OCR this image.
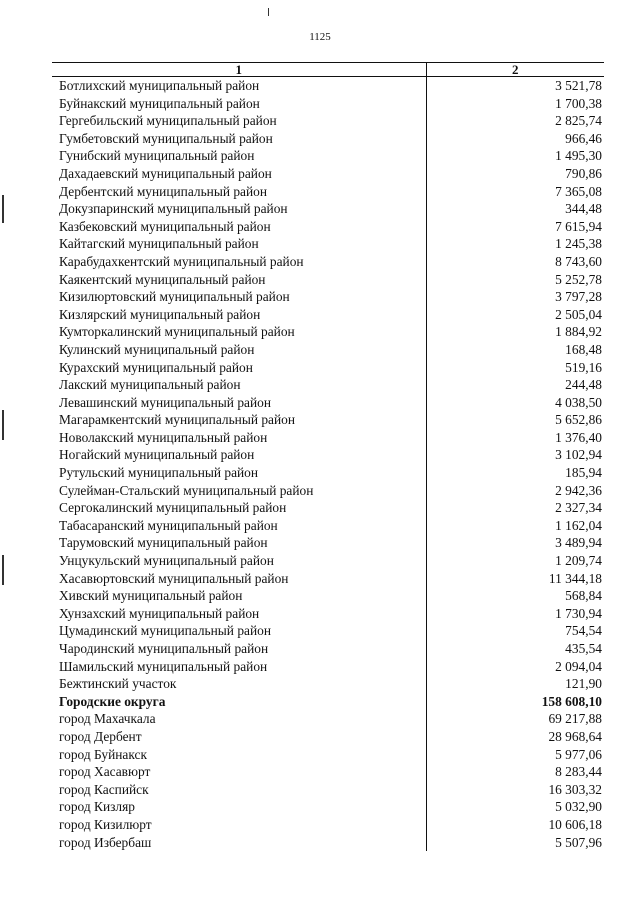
1125
1	2
Ботлихский муниципальный район	3 521,78
Буйнакский муниципальный район	1 700,38
Гергебильский муниципальный район	2 825,74
Гумбетовский муниципальный район	966,46
Гунибский муниципальный район	1 495,30
Дахадаевский муниципальный район	790,86
Дербентский муниципальный район	7 365,08
Докузпаринский муниципальный район	344,48
Казбековский муниципальный район	7 615,94
Кайтагский муниципальный район	1 245,38
Карабудахкентский муниципальный район	8 743,60
Каякентский муниципальный район	5 252,78
Кизилюртовский муниципальный район	3 797,28
Кизлярский муниципальный район	2 505,04
Кумторкалинский муниципальный район	1 884,92
Кулинский муниципальный район	168,48
Курахский муниципальный район	519,16
Лакский муниципальный район	244,48
Левашинский муниципальный район	4 038,50
Магарамкентский муниципальный район	5 652,86
Новолакский муниципальный район	1 376,40
Ногайский муниципальный район	3 102,94
Рутульский муниципальный район	185,94
Сулейман-Стальский муниципальный район	2 942,36
Сергокалинский муниципальный район	2 327,34
Табасаранский муниципальный район	1 162,04
Тарумовский муниципальный район	3 489,94
Унцукульский муниципальный район	1 209,74
Хасавюртовский муниципальный район	11 344,18
Хивский муниципальный район	568,84
Хунзахский муниципальный район	1 730,94
Цумадинский муниципальный район	754,54
Чародинский муниципальный район	435,54
Шамильский муниципальный район	2 094,04
Бежтинский участок	121,90
Городские округа	158 608,10
город Махачкала	69 217,88
город Дербент	28 968,64
город Буйнакск	5 977,06
город Хасавюрт	8 283,44
город Каспийск	16 303,32
город Кизляр	5 032,90
город Кизилюрт	10 606,18
город Избербаш	5 507,96
